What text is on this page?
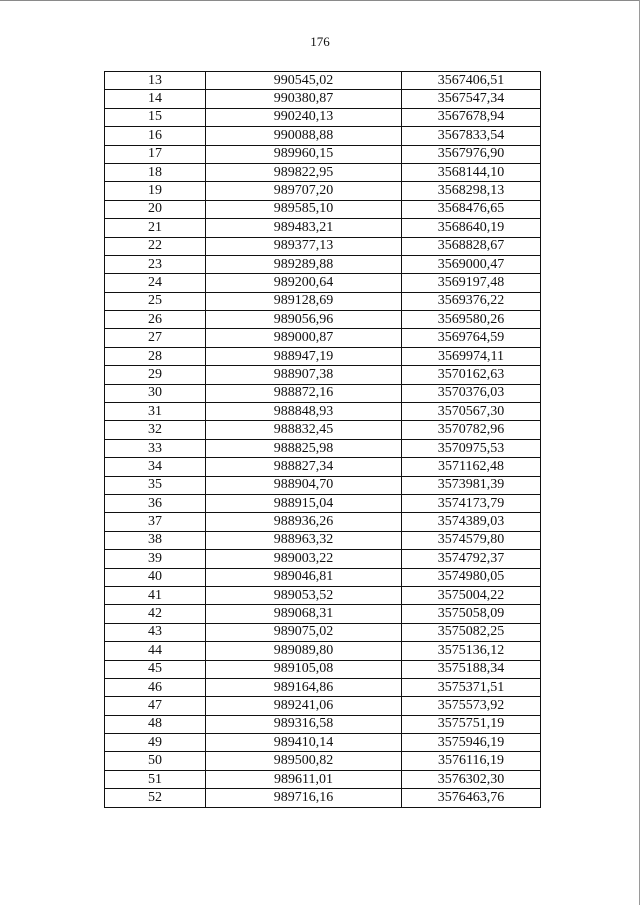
176
13	990545,02	3567406,51
14	990380,87	3567547,34
15	990240,13	3567678,94
16	990088,88	3567833,54
17	989960,15	3567976,90
18	989822,95	3568144,10
19	989707,20	3568298,13
20	989585,10	3568476,65
21	989483,21	3568640,19
22	989377,13	3568828,67
23	989289,88	3569000,47
24	989200,64	3569197,48
25	989128,69	3569376,22
26	989056,96	3569580,26
27	989000,87	3569764,59
28	988947,19	3569974,11
29	988907,38	3570162,63
30	988872,16	3570376,03
31	988848,93	3570567,30
32	988832,45	3570782,96
33	988825,98	3570975,53
34	988827,34	3571162,48
35	988904,70	3573981,39
36	988915,04	3574173,79
37	988936,26	3574389,03
38	988963,32	3574579,80
39	989003,22	3574792,37
40	989046,81	3574980,05
41	989053,52	3575004,22
42	989068,31	3575058,09
43	989075,02	3575082,25
44	989089,80	3575136,12
45	989105,08	3575188,34
46	989164,86	3575371,51
47	989241,06	3575573,92
48	989316,58	3575751,19
49	989410,14	3575946,19
50	989500,82	3576116,19
51	989611,01	3576302,30
52	989716,16	3576463,76
